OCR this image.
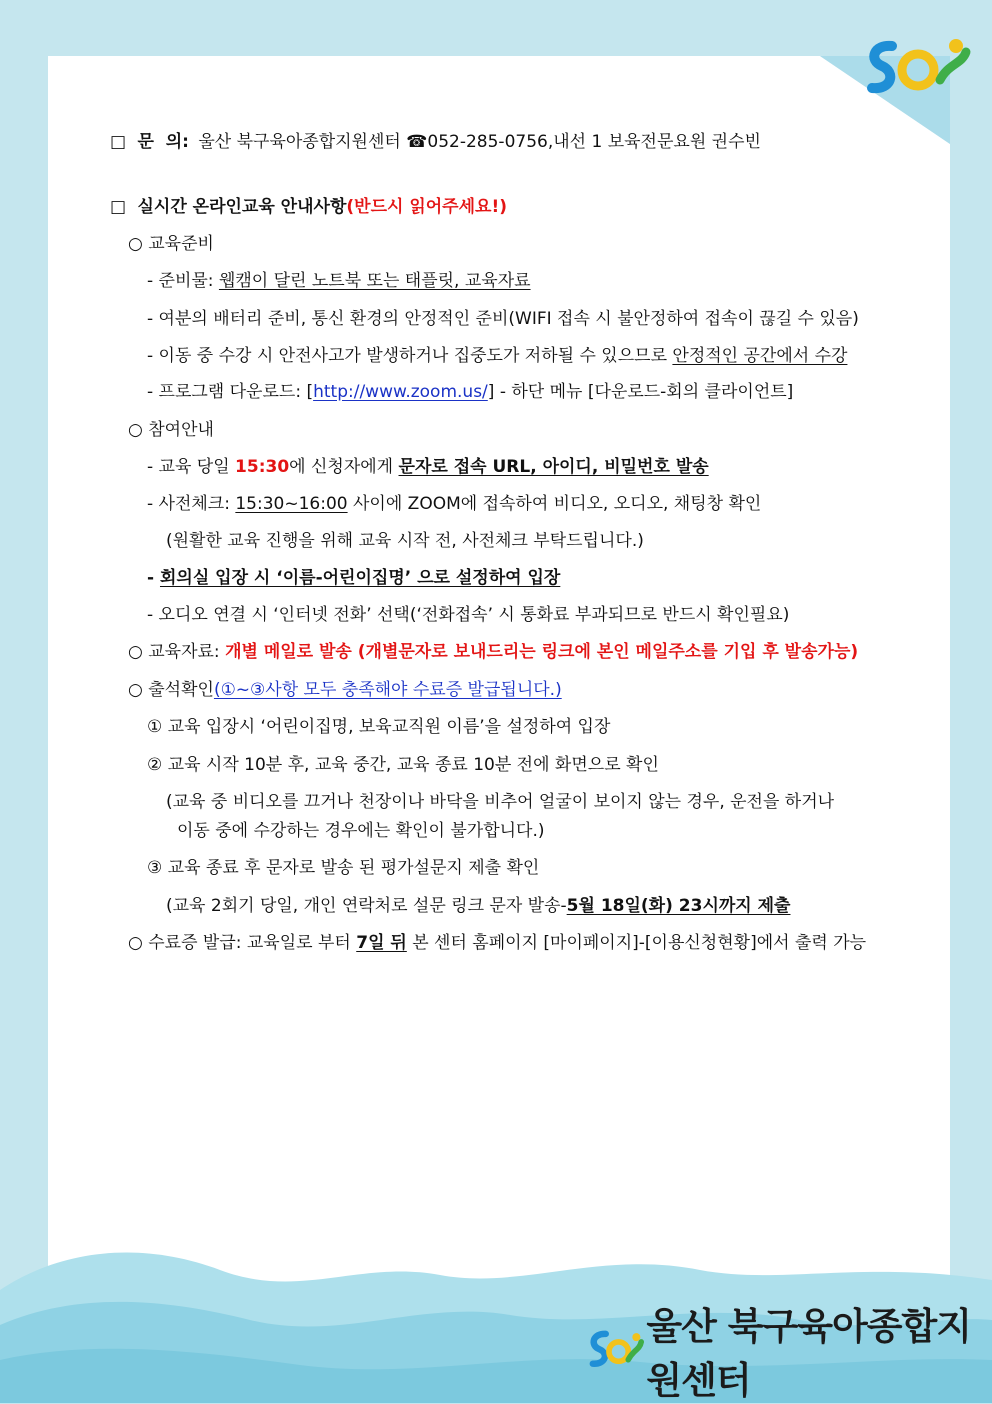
울산 북구육아종합지원센터
□ 문  의: 울산 북구육아종합지원센터 ☎052-285-0756,내선 1 보육전문요원 권수빈
□ 실시간 온라인교육 안내사항(반드시 읽어주세요!)
○ 교육준비
- 준비물: 웹캠이 달린 노트북 또는 태플릿, 교육자료
- 여분의 배터리 준비, 통신 환경의 안정적인 준비(WIFI 접속 시 불안정하여 접속이 끊길 수 있음)
- 이동 중 수강 시 안전사고가 발생하거나 집중도가 저하될 수 있으므로 안정적인 공간에서 수강
- 프로그램 다운로드: [http://www.zoom.us/] - 하단 메뉴 [다운로드-회의 클라이언트]
○ 참여안내
- 교육 당일 15:30에 신청자에게 문자로 접속 URL, 아이디, 비밀번호 발송
- 사전체크: 15:30~16:00 사이에 ZOOM에 접속하여 비디오, 오디오, 채팅창 확인
(원활한 교육 진행을 위해 교육 시작 전, 사전체크 부탁드립니다.)
- 회의실 입장 시 ‘이름-어린이집명’ 으로 설정하여 입장
- 오디오 연결 시 ‘인터넷 전화’ 선택(‘전화접속’ 시 통화료 부과되므로 반드시 확인필요)
○ 교육자료: 개별 메일로 발송 (개별문자로 보내드리는 링크에 본인 메일주소를 기입 후 발송가능)
○ 출석확인(①~③사항 모두 충족해야 수료증 발급됩니다.)
① 교육 입장시 ‘어린이집명, 보육교직원 이름’을 설정하여 입장
② 교육 시작 10분 후, 교육 중간, 교육 종료 10분 전에 화면으로 확인
(교육 중 비디오를 끄거나 천장이나 바닥을 비추어 얼굴이 보이지 않는 경우, 운전을 하거나
이동 중에 수강하는 경우에는 확인이 불가합니다.)
③ 교육 종료 후 문자로 발송 된 평가설문지 제출 확인
(교육 2회기 당일, 개인 연락처로 설문 링크 문자 발송-5월 18일(화) 23시까지 제출
○ 수료증 발급: 교육일로 부터 7일 뒤 본 센터 홈페이지 [마이페이지]-[이용신청현황]에서 출력 가능
